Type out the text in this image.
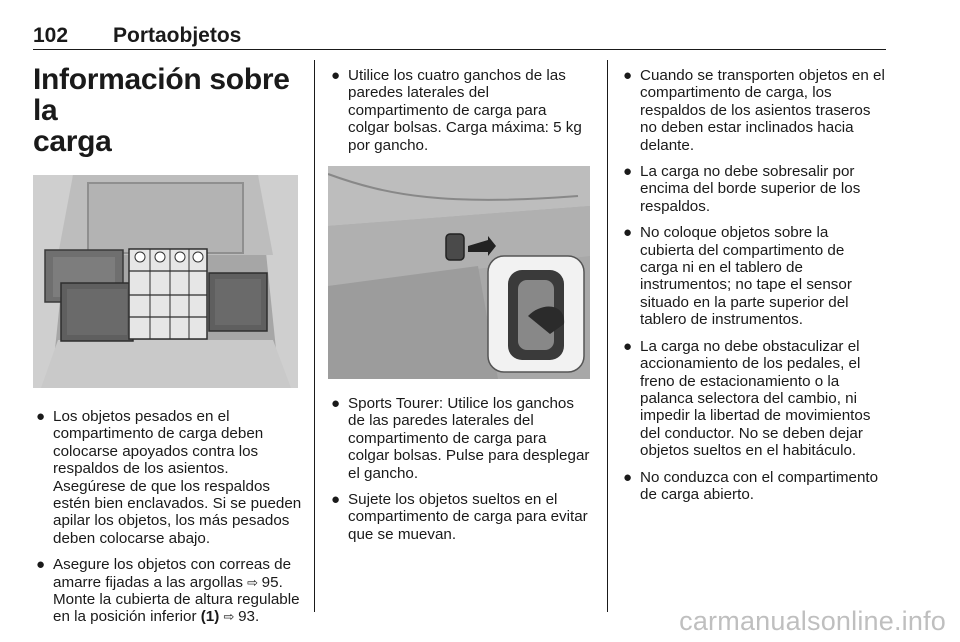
102 Portaobjetos
Información sobre la
carga
● Los objetos pesados en el compartimento de carga deben colocarse apoyados contra los respaldos de los asientos. Asegúrese de que los respaldos estén bien enclavados. Si se pueden apilar los objetos, los más pesados deben colocarse abajo.
● Asegure los objetos con correas de amarre fijadas a las argollas ⇨ 95. Monte la cubierta de altura regulable en la posición inferior (1) ⇨ 93.
● Utilice los cuatro ganchos de las paredes laterales del compartimento de carga para colgar bolsas. Carga máxima: 5 kg por gancho.
● Sports Tourer: Utilice los ganchos de las paredes laterales del compartimento de carga para colgar bolsas. Pulse para desplegar el gancho.
● Sujete los objetos sueltos en el compartimento de carga para evitar que se muevan.
● Cuando se transporten objetos en el compartimento de carga, los respaldos de los asientos traseros no deben estar inclinados hacia delante.
● La carga no debe sobresalir por encima del borde superior de los respaldos.
● No coloque objetos sobre la cubierta del compartimento de carga ni en el tablero de instrumentos; no tape el sensor situado en la parte superior del tablero de instrumentos.
● La carga no debe obstaculizar el accionamiento de los pedales, el freno de estacionamiento o la palanca selectora del cambio, ni impedir la libertad de movimientos del conductor. No se deben dejar objetos sueltos en el habitáculo.
● No conduzca con el compartimento de carga abierto.
carmanualsonline.info
